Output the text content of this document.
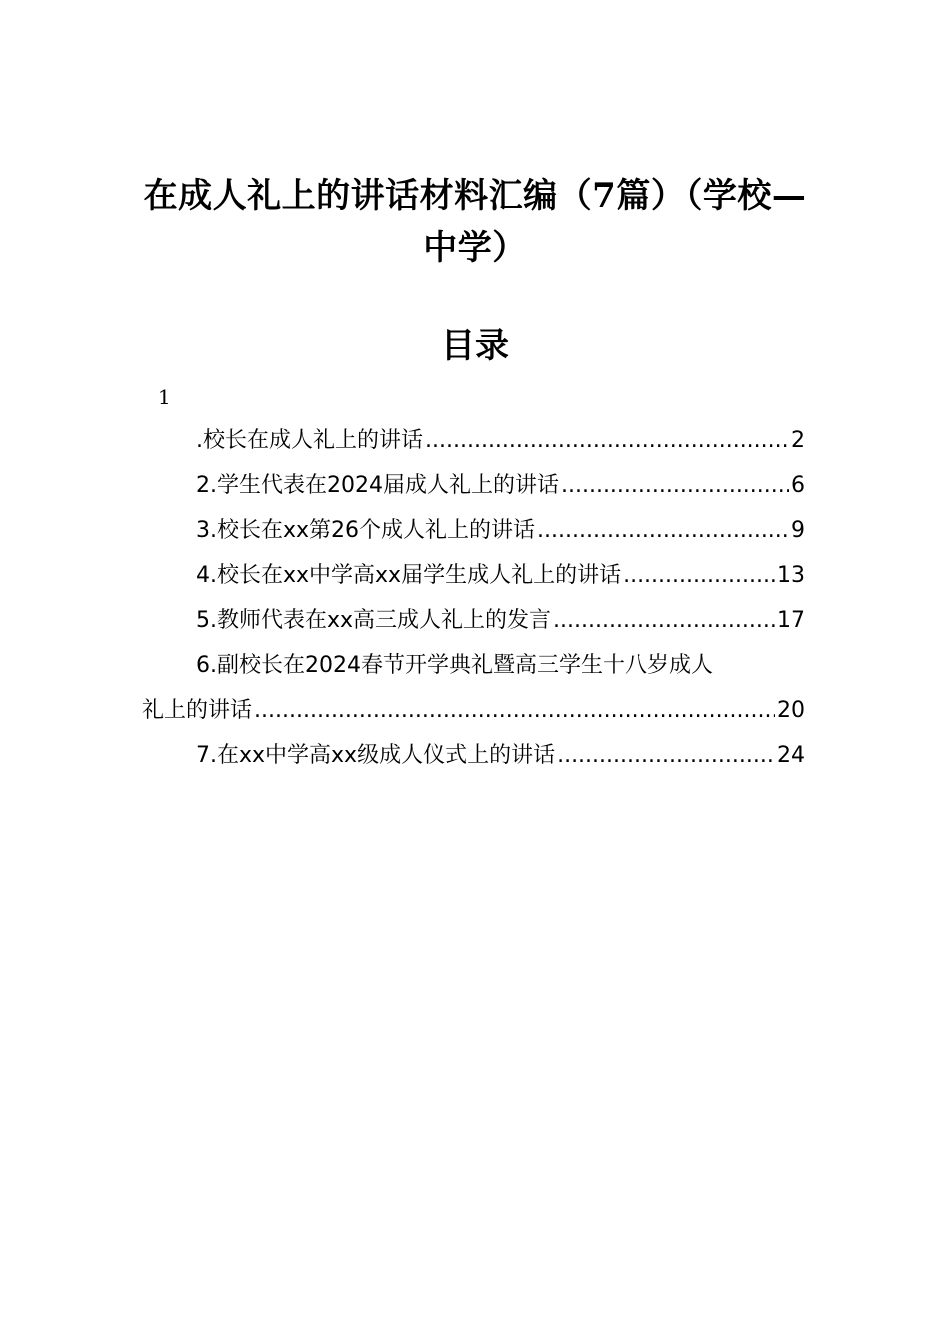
在成人礼上的讲话材料汇编（7篇）（学校—中学）
目录
1
.校长在成人礼上的讲话 .....	2
2.学生代表在2024届成人礼上的讲话 .....	6
3.校长在xx第26个成人礼上的讲话 .....	9
4.校长在xx中学高xx届学生成人礼上的讲话 .....	13
5.教师代表在xx高三成人礼上的发言 .....	17
6.副校长在2024春节开学典礼暨高三学生十八岁成人
礼上的讲话 .....	20
7.在xx中学高xx级成人仪式上的讲话 .....	24
